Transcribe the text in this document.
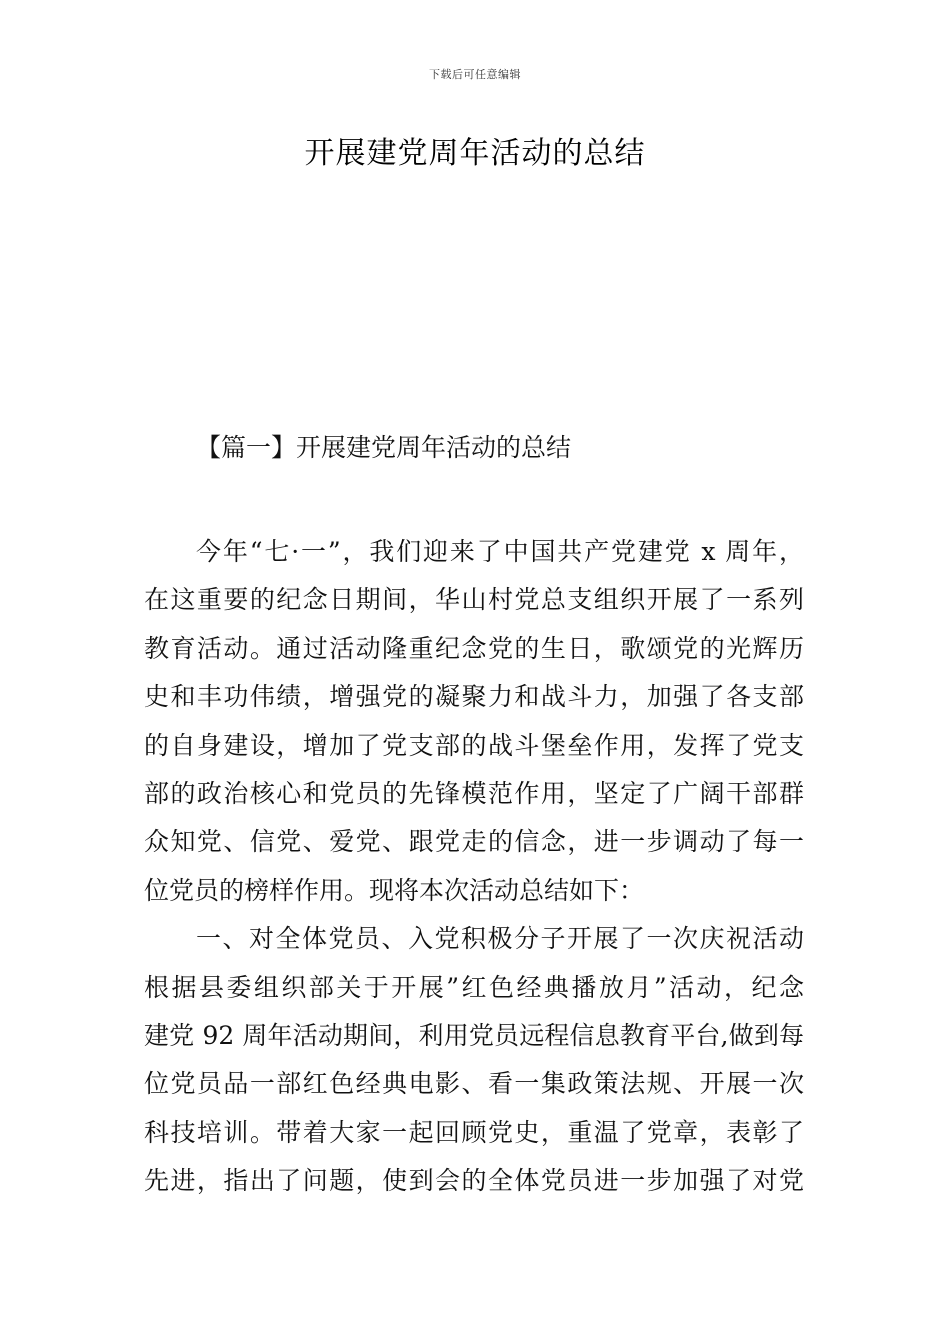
下载后可任意编辑
开展建党周年活动的总结
【篇一】开展建党周年活动的总结
今年“七·一”，我们迎来了中国共产党建党 x 周年，
在这重要的纪念日期间，华山村党总支组织开展了一系列
教育活动。通过活动隆重纪念党的生日，歌颂党的光辉历
史和丰功伟绩，增强党的凝聚力和战斗力，加强了各支部
的自身建设，增加了党支部的战斗堡垒作用，发挥了党支
部的政治核心和党员的先锋模范作用，坚定了广阔干部群
众知党、信党、爱党、跟党走的信念，进一步调动了每一
位党员的榜样作用。现将本次活动总结如下：
一、对全体党员、入党积极分子开展了一次庆祝活动
根据县委组织部关于开展”红色经典播放月”活动，纪念
建党 92 周年活动期间，利用党员远程信息教育平台,做到每
位党员品一部红色经典电影、看一集政策法规、开展一次
科技培训。带着大家一起回顾党史，重温了党章，表彰了
先进，指出了问题，使到会的全体党员进一步加强了对党
